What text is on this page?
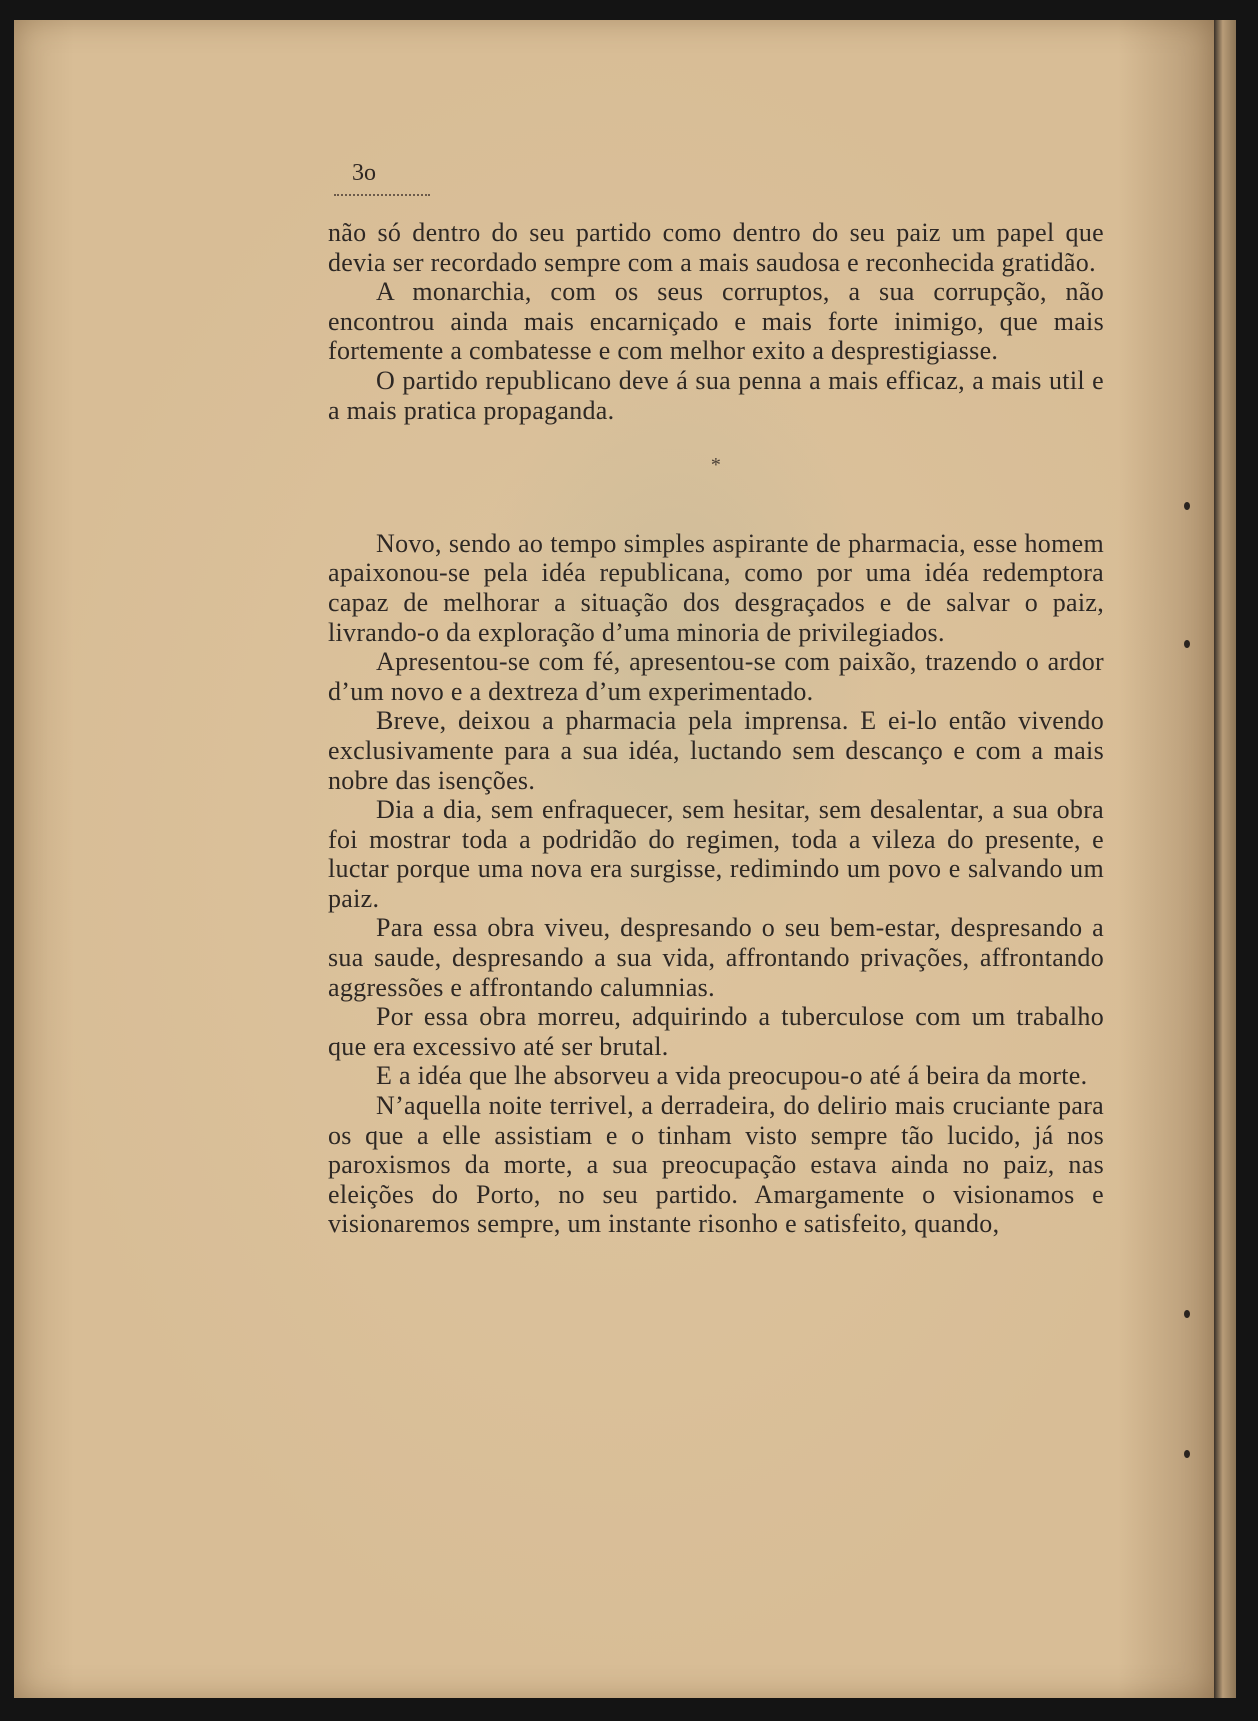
3o

não só dentro do seu partido como dentro do seu paiz um papel que devia ser recordado sempre com a mais saudosa e reconhecida gratidão.

A monarchia, com os seus corruptos, a sua corrupção, não encontrou ainda mais encarniçado e mais forte inimigo, que mais fortemente a combatesse e com melhor exito a desprestigiasse.

O partido republicano deve á sua penna a mais efficaz, a mais util e a mais pratica propaganda.

*

Novo, sendo ao tempo simples aspirante de pharmacia, esse homem apaixonou-se pela idéa republicana, como por uma idéa redemptora capaz de melhorar a situação dos desgraçados e de salvar o paiz, livrando-o da exploração d’uma minoria de privilegiados.

Apresentou-se com fé, apresentou-se com paixão, trazendo o ardor d’um novo e a dextreza d’um experimentado.

Breve, deixou a pharmacia pela imprensa. E ei-lo então vivendo exclusivamente para a sua idéa, luctando sem descanço e com a mais nobre das isenções.

Dia a dia, sem enfraquecer, sem hesitar, sem desalentar, a sua obra foi mostrar toda a podridão do regimen, toda a vileza do presente, e luctar porque uma nova era surgisse, redimindo um povo e salvando um paiz.

Para essa obra viveu, despresando o seu bem-estar, despresando a sua saude, despresando a sua vida, affrontando privações, affrontando aggressões e affrontando calumnias.

Por essa obra morreu, adquirindo a tuberculose com um trabalho que era excessivo até ser brutal.

E a idéa que lhe absorveu a vida preocupou-o até á beira da morte.

N’aquella noite terrivel, a derradeira, do delirio mais cruciante para os que a elle assistiam e o tinham visto sempre tão lucido, já nos paroxismos da morte, a sua preocupação estava ainda no paiz, nas eleições do Porto, no seu partido. Amargamente o visionamos e visionaremos sempre, um instante risonho e satisfeito, quando,
